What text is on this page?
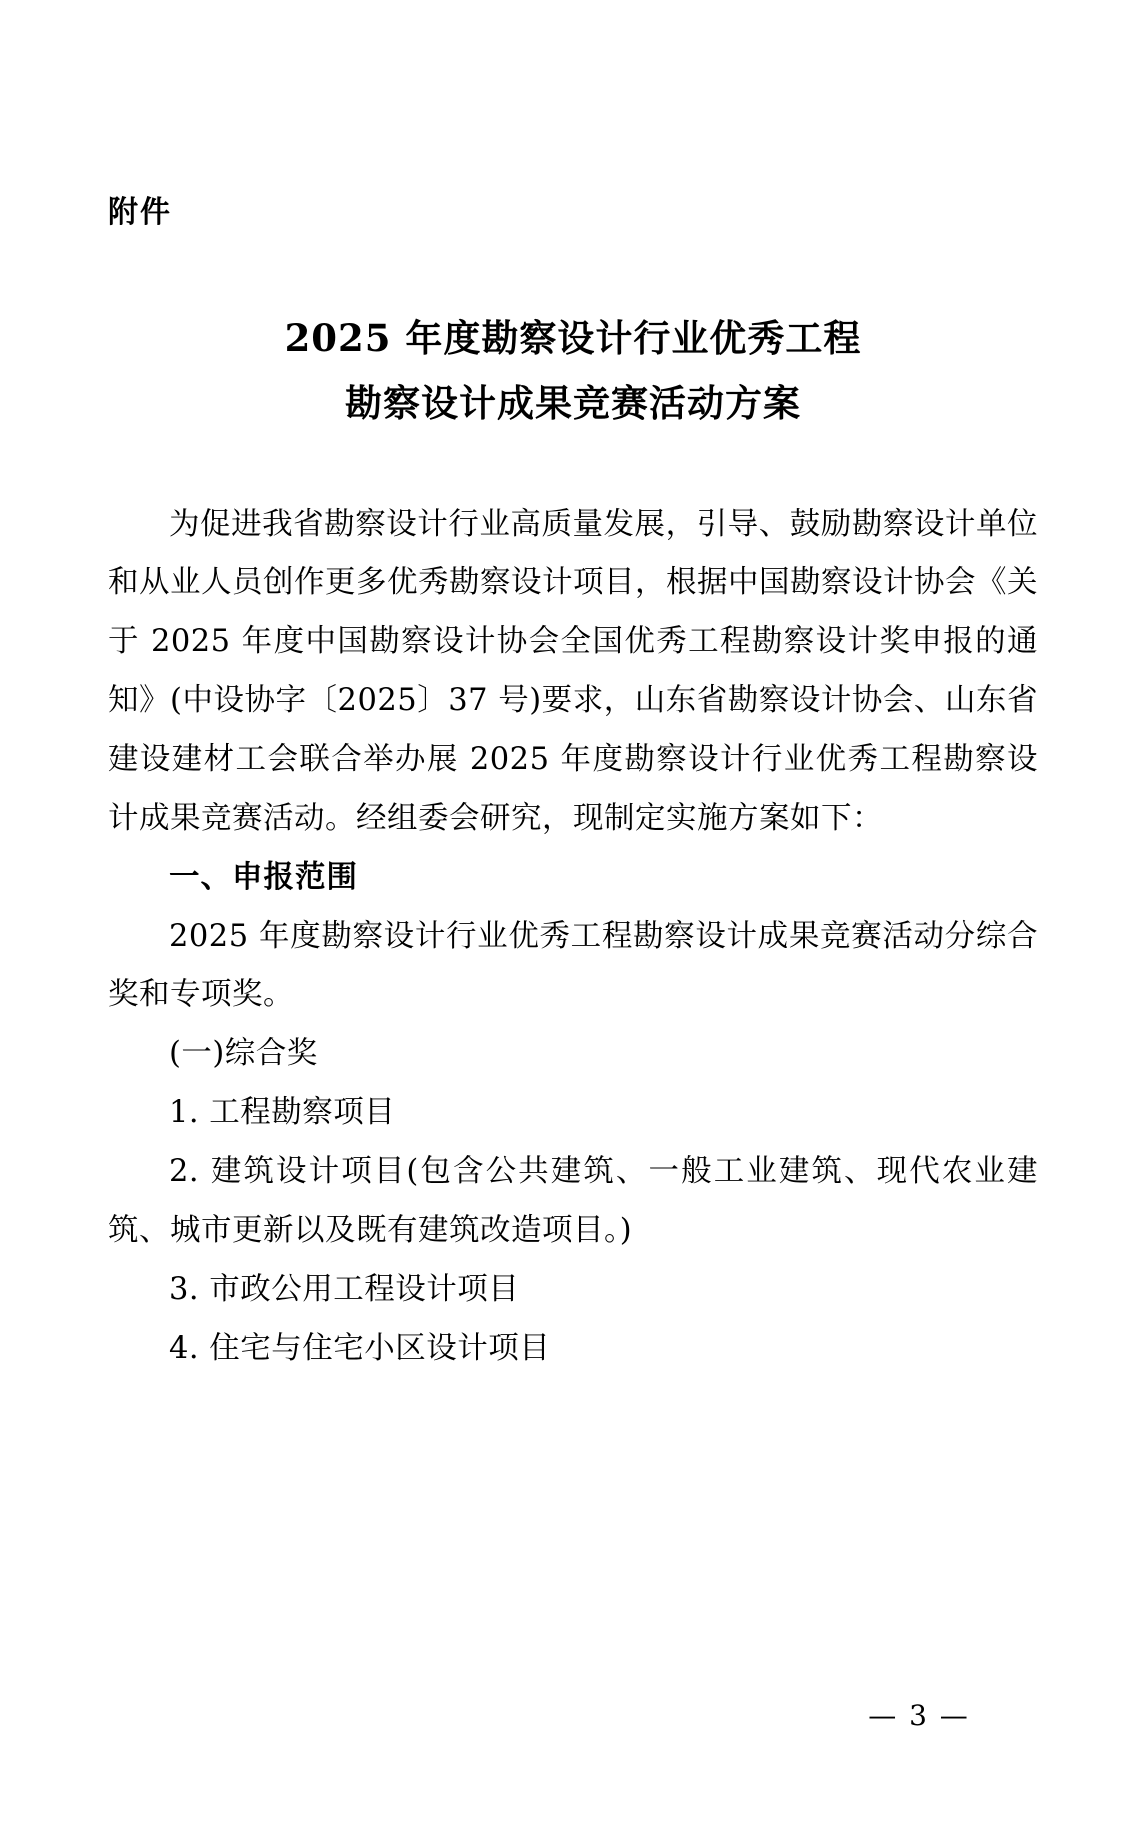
附件
2025 年度勘察设计行业优秀工程
勘察设计成果竞赛活动方案

为促进我省勘察设计行业高质量发展，引导、鼓励勘察设计单位和从业人员创作更多优秀勘察设计项目，根据中国勘察设计协会《关于 2025 年度中国勘察设计协会全国优秀工程勘察设计奖申报的通知》(中设协字〔2025〕37 号)要求，山东省勘察设计协会、山东省建设建材工会联合举办展 2025 年度勘察设计行业优秀工程勘察设计成果竞赛活动。经组委会研究，现制定实施方案如下：

一、申报范围

2025 年度勘察设计行业优秀工程勘察设计成果竞赛活动分综合奖和专项奖。

(一)综合奖

1. 工程勘察项目

2. 建筑设计项目(包含公共建筑、一般工业建筑、现代农业建筑、城市更新以及既有建筑改造项目。)

3. 市政公用工程设计项目

4. 住宅与住宅小区设计项目

— 3 —
